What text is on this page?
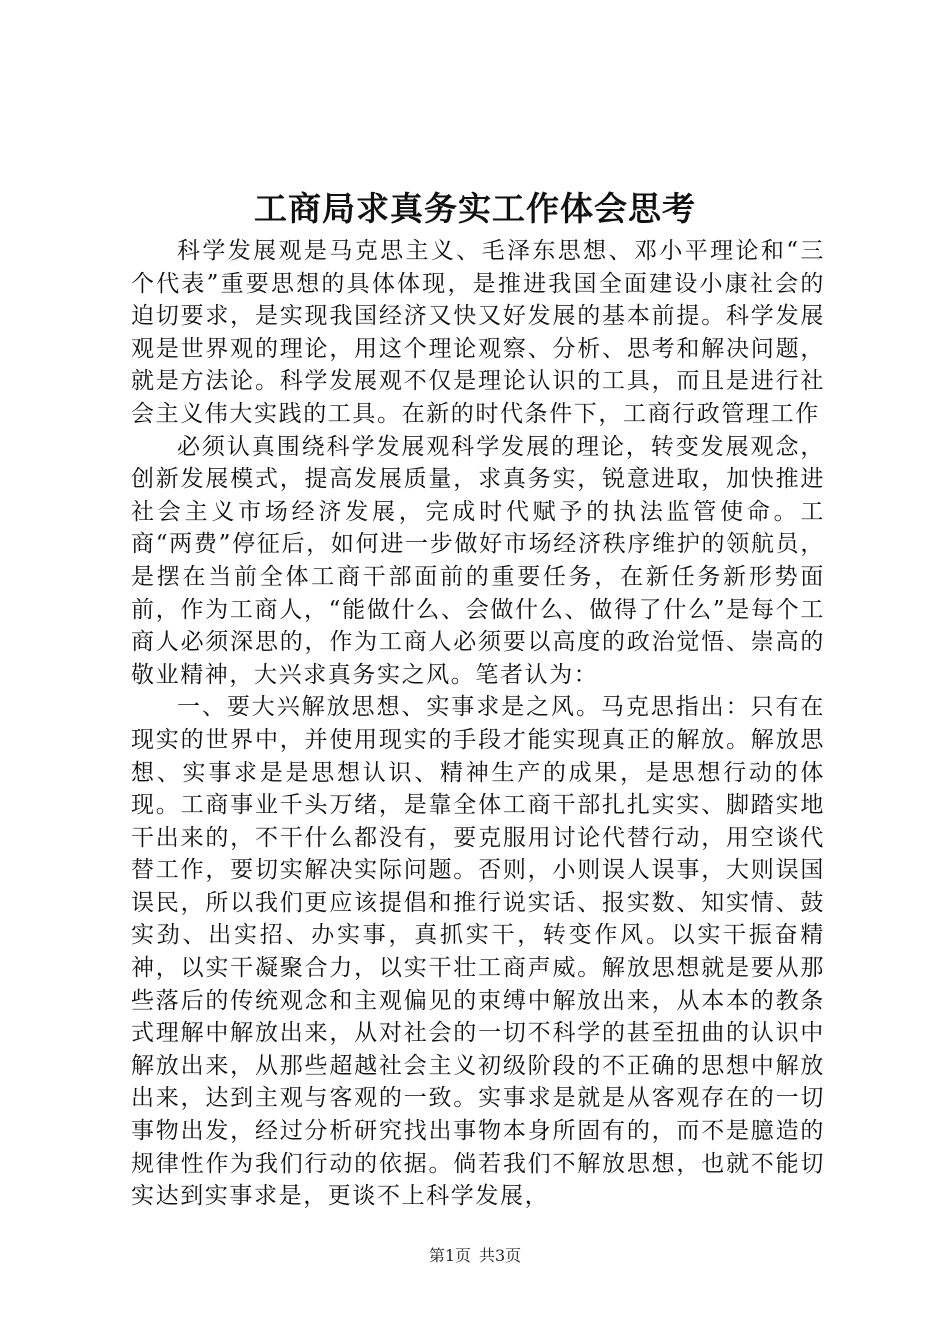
工商局求真务实工作体会思考

科学发展观是马克思主义、毛泽东思想、邓小平理论和“三个代表”重要思想的具体体现，是推进我国全面建设小康社会的迫切要求，是实现我国经济又快又好发展的基本前提。科学发展观是世界观的理论，用这个理论观察、分析、思考和解决问题，就是方法论。科学发展观不仅是理论认识的工具，而且是进行社会主义伟大实践的工具。在新的时代条件下，工商行政管理工作

必须认真围绕科学发展观科学发展的理论，转变发展观念，创新发展模式，提高发展质量，求真务实，锐意进取，加快推进社会主义市场经济发展，完成时代赋予的执法监管使命。工商“两费”停征后，如何进一步做好市场经济秩序维护的领航员，是摆在当前全体工商干部面前的重要任务，在新任务新形势面前，作为工商人，“能做什么、会做什么、做得了什么”是每个工商人必须深思的，作为工商人必须要以高度的政治觉悟、崇高的敬业精神，大兴求真务实之风。笔者认为：

一、要大兴解放思想、实事求是之风。马克思指出：只有在现实的世界中，并使用现实的手段才能实现真正的解放。解放思想、实事求是是思想认识、精神生产的成果，是思想行动的体现。工商事业千头万绪，是靠全体工商干部扎扎实实、脚踏实地干出来的，不干什么都没有，要克服用讨论代替行动，用空谈代替工作，要切实解决实际问题。否则，小则误人误事，大则误国误民，所以我们更应该提倡和推行说实话、报实数、知实情、鼓实劲、出实招、办实事，真抓实干，转变作风。以实干振奋精神，以实干凝聚合力，以实干壮工商声威。解放思想就是要从那些落后的传统观念和主观偏见的束缚中解放出来，从本本的教条式理解中解放出来，从对社会的一切不科学的甚至扭曲的认识中解放出来，从那些超越社会主义初级阶段的不正确的思想中解放出来，达到主观与客观的一致。实事求是就是从客观存在的一切事物出发，经过分析研究找出事物本身所固有的，而不是臆造的规律性作为我们行动的依据。倘若我们不解放思想，也就不能切实达到实事求是，更谈不上科学发展，

第1页 共3页
